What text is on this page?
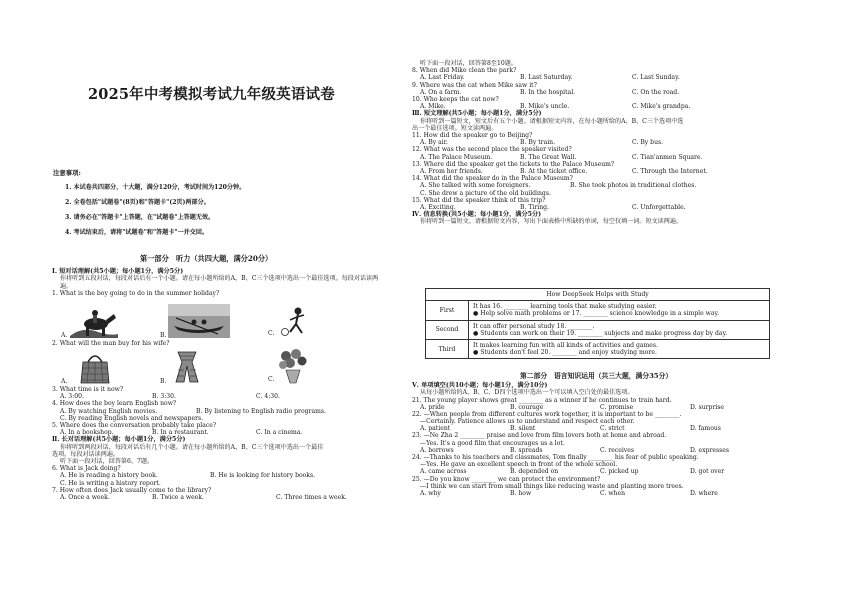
2025年中考模拟考试九年级英语试卷
注意事项:
1. 本试卷共四部分，十大题，满分120分，考试时间为120分钟。
2. 全卷包括"试题卷"(8页)和"答题卡"(2页)两部分。
3. 请务必在"答题卡"上答题，在"试题卷"上答题无效。
4. 考试结束后，请将"试题卷"和"答题卡"一并交回。
第一部分　听力（共四大题，满分20分）
Ⅰ. 短对话理解(共5小题；每小题1分，满分5分)
你将听到五段对话，每段对话后有一个小题。请在每小题所给的A、B、C三个选项中选出一个最佳选项。每段对话读两遍。
1. What is the boy going to do in the summer holiday?
A.	B.	C.
2. What will the man buy for his wife?
A.	B.	C.
3. What time is it now?
A. 3:00.	B. 3:30.	C. 4:30.
4. How does the boy learn English now?
A. By watching English movies.	B. By listening to English radio programs.
C. By reading English novels and newspapers.
5. Where does the conversation probably take place?
A. In a bookshop.	B. In a restaurant.	C. In a cinema.
Ⅱ. 长对话理解(共5小题；每小题1分，满分5分)
你将听到两段对话，每段对话后有几个小题。请在每小题所给的A、B、C三个选项中选出一个最佳
选项。每段对话读两遍。
听下面一段对话，回答第6、7题。
6. What is Jack doing?
A. He is reading a history book.	B. He is looking for history books.
C. He is writing a history report.
7. How often does Jack usually come to the library?
A. Once a week.	B. Twice a week.	C. Three times a week.
听下面一段对话，回答第8至10题。
8. When did Mike clean the park?
A. Last Friday.	B. Last Saturday.	C. Last Sunday.
9. Where was the cat when Mike saw it?
A. On a farm.	B. In the hospital.	C. On the road.
10. Who keeps the cat now?
A. Mike.	B. Mike's uncle.	C. Mike's grandpa.
Ⅲ. 短文理解(共5小题；每小题1分，满分5分)
你将听到一篇短文，短文后有五个小题。请根据短文内容，在每小题所给的A、B、C三个选项中选
出一个最佳选项。短文读两遍。
11. How did the speaker go to Beijing?
A. By air.	B. By train.	C. By bus.
12. What was the second place the speaker visited?
A. The Palace Museum.	B. The Great Wall.	C. Tian'anmen Square.
13. Where did the speaker get the tickets to the Palace Museum?
A. From her friends.	B. At the ticket office.	C. Through the Internet.
14. What did the speaker do in the Palace Museum?
A. She talked with some foreigners.	B. She took photos in traditional clothes.
C. She drew a picture of the old buildings.
15. What did the speaker think of this trip?
A. Exciting.	B. Tiring.	C. Unforgettable.
Ⅳ. 信息转换(共5小题；每小题1分，满分5分)
你将听到一篇短文。请根据短文内容，写出下面表格中所缺的单词，每空仅填一词。短文读两遍。
How DeepSeek Helps with Study	
First	It has 16. ________ learning tools that make studying easier.
● Help solve math problems or 17. ________ science knowledge in a simple way.

Second	It can offer personal study 18. ________.
● Students can work on their 19. ________ subjects and make progress day by day.

Third	It makes learning fun with all kinds of activities and games.
● Students don't feel 20. ________ and enjoy studying more.
第二部分　语言知识运用（共三大题，满分35分）
Ⅴ. 单项填空(共10小题；每小题1分，满分10分)
从每小题所给的A、B、C、D四个选项中选出一个可以填入空白处的最佳选项。
21. The young player shows great ________ as a winner if he continues to train hard.
A. pride	B. courage	C. promise	D. surprise
22. —When people from different cultures work together, it is important to be ________.
—Certainly. Patience allows us to understand and respect each other.
A. patient	B. silent	C. strict	D. famous
23. —Ne Zha 2 ________ praise and love from film lovers both at home and abroad.
—Yes. It's a good film that encourages us a lot.
A. borrows	B. spreads	C. receives	D. expresses
24. —Thanks to his teachers and classmates, Tom finally ________ his fear of public speaking.
—Yes. He gave an excellent speech in front of the whole school.
A. came across	B. depended on	C. picked up	D. got over
25. —Do you know ________ we can protect the environment?
—I think we can start from small things like reducing waste and planting more trees.
A. why	B. how	C. when	D. where
